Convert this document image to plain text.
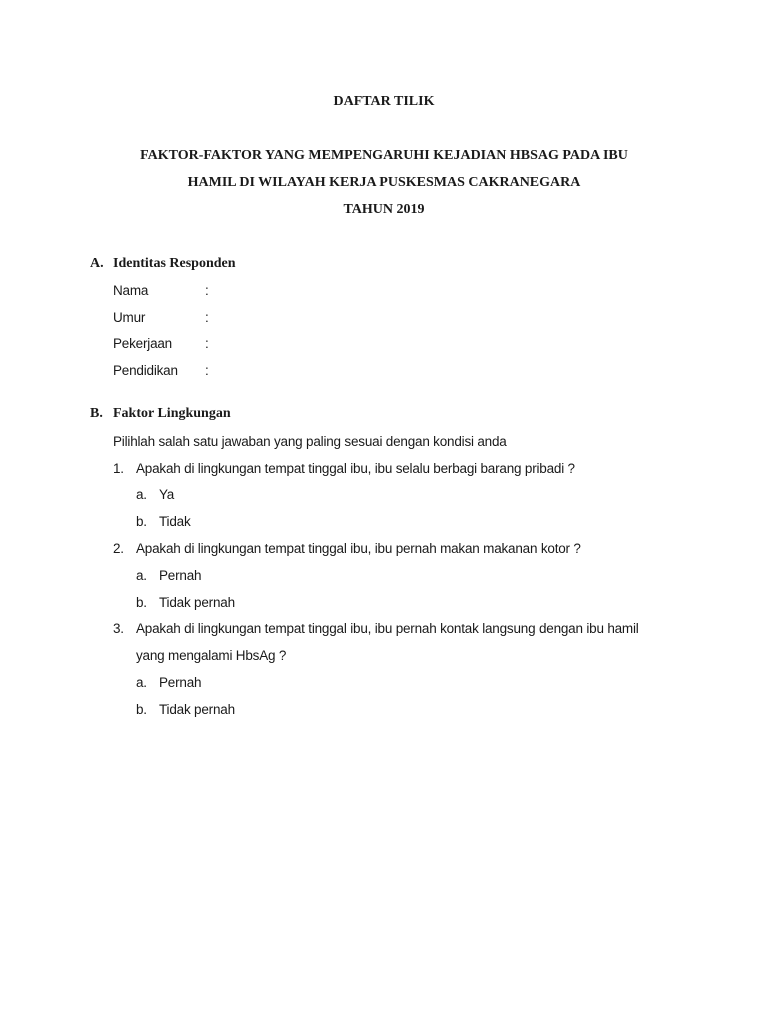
DAFTAR TILIK
FAKTOR-FAKTOR YANG MEMPENGARUHI KEJADIAN HBSAG PADA IBU
HAMIL DI WILAYAH KERJA PUSKESMAS CAKRANEGARA
TAHUN 2019
A. Identitas Responden
Nama	:
Umur	:
Pekerjaan :
Pendidikan :
B. Faktor Lingkungan
Pilihlah salah satu jawaban yang paling sesuai dengan kondisi anda
1. Apakah di lingkungan tempat tinggal ibu, ibu selalu berbagi barang pribadi ?
a. Ya
b. Tidak
2. Apakah di lingkungan tempat tinggal ibu, ibu pernah makan makanan kotor ?
a. Pernah
b. Tidak pernah
3. Apakah di lingkungan tempat tinggal ibu, ibu pernah kontak langsung dengan ibu hamil
yang mengalami HbsAg ?
a. Pernah
b. Tidak pernah
